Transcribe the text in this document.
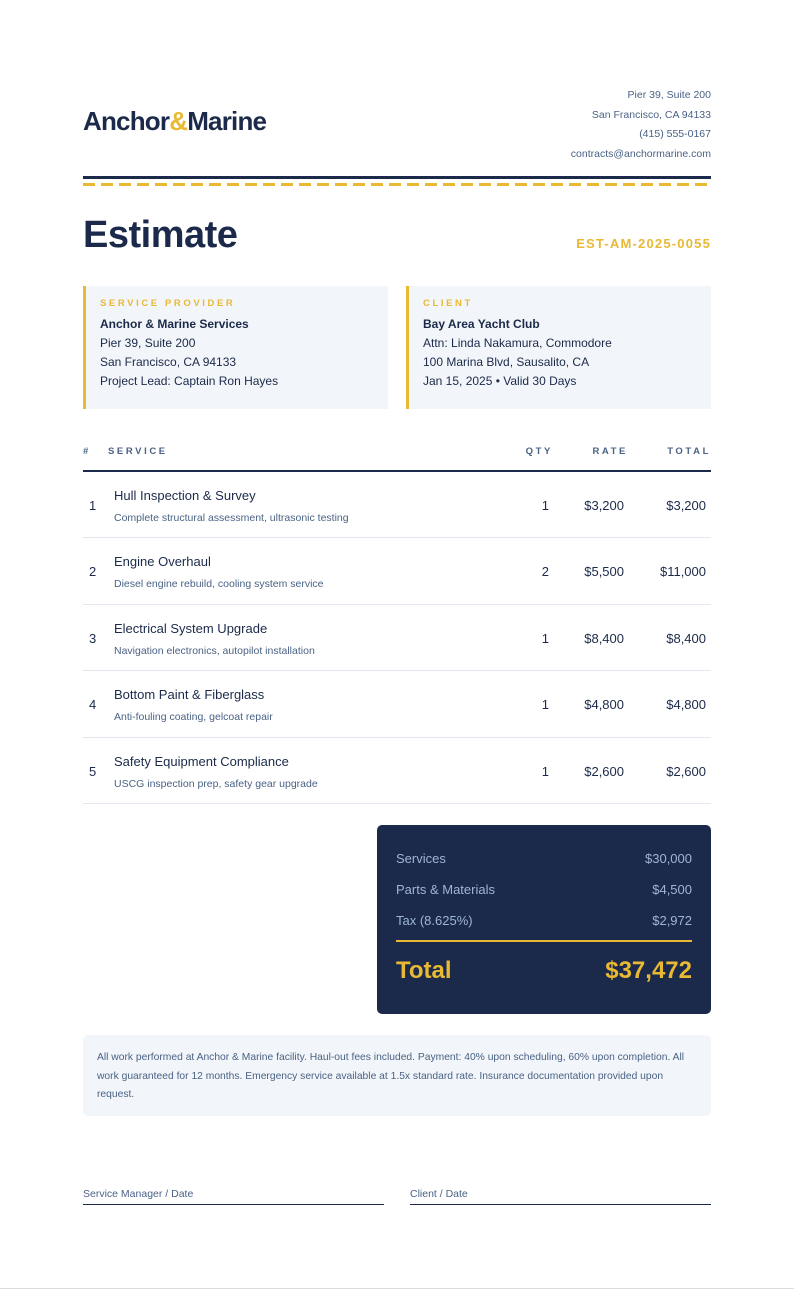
Anchor&Marine
Pier 39, Suite 200
San Francisco, CA 94133
(415) 555-0167
contracts@anchormarine.com
Estimate	EST-AM-2025-0055
SERVICE PROVIDER
Anchor & Marine Services
Pier 39, Suite 200
San Francisco, CA 94133
Project Lead: Captain Ron Hayes
CLIENT
Bay Area Yacht Club
Attn: Linda Nakamura, Commodore
100 Marina Blvd, Sausalito, CA
Jan 15, 2025 • Valid 30 Days
# SERVICE	QTY	RATE	TOTAL
1
Hull Inspection & Survey
Complete structural assessment, ultrasonic testing
1	$3,200	$3,200
2
Engine Overhaul
Diesel engine rebuild, cooling system service
2	$5,500	$11,000
3
Electrical System Upgrade
Navigation electronics, autopilot installation
1	$8,400	$8,400
4
Bottom Paint & Fiberglass
Anti-fouling coating, gelcoat repair
1	$4,800	$4,800
5
Safety Equipment Compliance
USCG inspection prep, safety gear upgrade
1	$2,600	$2,600
Services	$30,000
Parts & Materials	$4,500
Tax (8.625%)	$2,972
Total	$37,472
All work performed at Anchor & Marine facility. Haul-out fees included. Payment: 40% upon scheduling, 60% upon completion. All work guaranteed for 12 months. Emergency service available at 1.5x standard rate. Insurance documentation provided upon request.
Service Manager / Date	Client / Date
